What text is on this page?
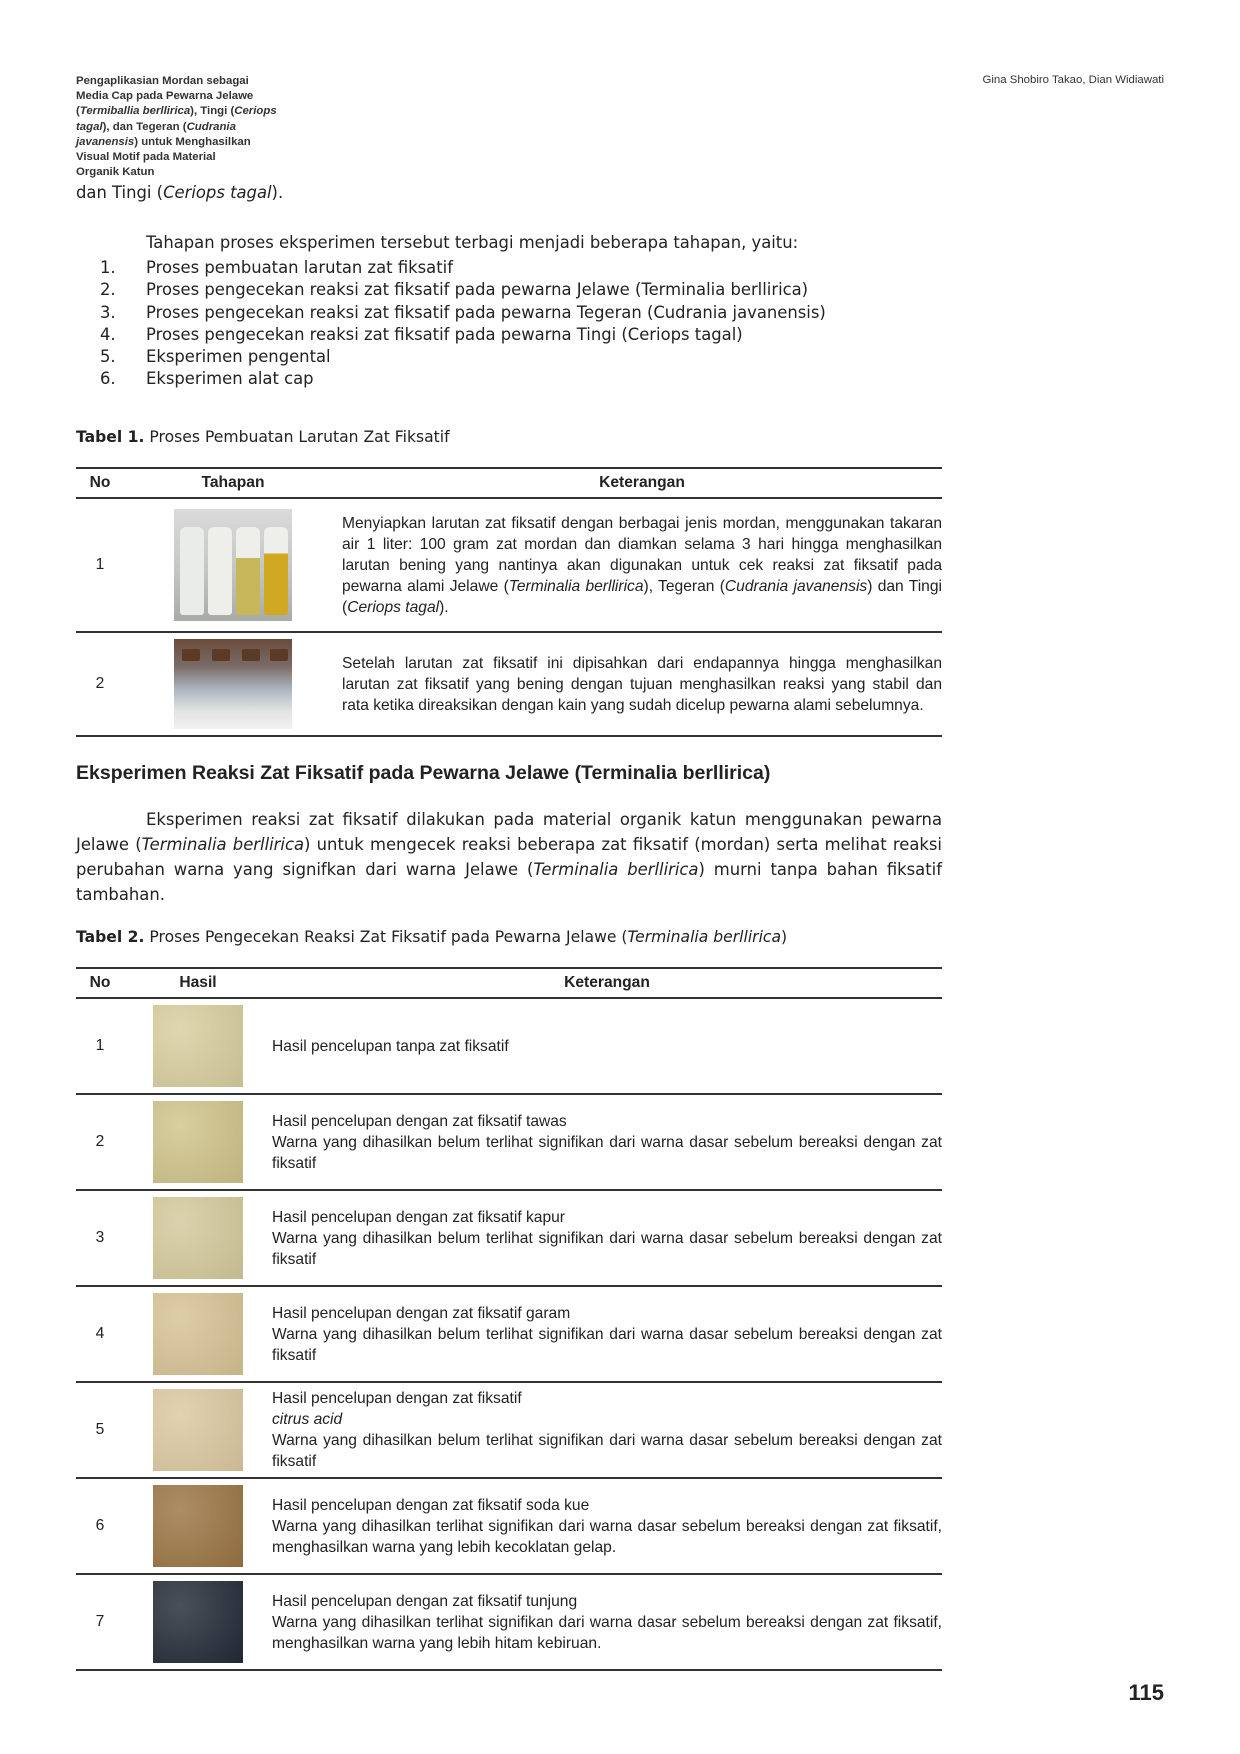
Pengaplikasian Mordan sebagai
Media Cap pada Pewarna Jelawe
(Termiballia berllirica), Tingi (Ceriops
tagal), dan Tegeran (Cudrania
javanensis) untuk Menghasilkan
Visual Motif pada Material
Organik Katun
Gina Shobiro Takao, Dian Widiawati
dan Tingi (Ceriops tagal).
Tahapan proses eksperimen tersebut terbagi menjadi beberapa tahapan, yaitu:
1.	Proses pembuatan larutan zat fiksatif
2.	Proses pengecekan reaksi zat fiksatif pada pewarna Jelawe (Terminalia berllirica)
3.	Proses pengecekan reaksi zat fiksatif pada pewarna Tegeran (Cudrania javanensis)
4.	Proses pengecekan reaksi zat fiksatif pada pewarna Tingi (Ceriops tagal)
5.	Eksperimen pengental
6.	Eksperimen alat cap
Tabel 1. Proses Pembuatan Larutan Zat Fiksatif
No	Tahapan	Keterangan
1		Menyiapkan larutan zat fiksatif dengan berbagai jenis mordan, menggunakan takaran air 1 liter: 100 gram zat mordan dan diamkan selama 3 hari hingga menghasilkan larutan bening yang nantinya akan digunakan untuk cek reaksi zat fiksatif pada pewarna alami Jelawe (Terminalia berllirica), Tegeran (Cudrania javanensis) dan Tingi (Ceriops tagal).
2		Setelah larutan zat fiksatif ini dipisahkan dari endapannya hingga menghasilkan larutan zat fiksatif yang bening dengan tujuan menghasilkan reaksi yang stabil dan rata ketika direaksikan dengan kain yang sudah dicelup pewarna alami sebelumnya.
Eksperimen Reaksi Zat Fiksatif pada Pewarna Jelawe (Terminalia berllirica)

Eksperimen reaksi zat fiksatif dilakukan pada material organik katun menggunakan pewarna Jelawe (Terminalia berllirica) untuk mengecek reaksi beberapa zat fiksatif (mordan) serta melihat reaksi perubahan warna yang signifkan dari warna Jelawe (Terminalia berllirica) murni tanpa bahan fiksatif tambahan.

Tabel 2. Proses Pengecekan Reaksi Zat Fiksatif pada Pewarna Jelawe (Terminalia berllirica)
No	Hasil	Keterangan
1		Hasil pencelupan tanpa zat fiksatif

2		Hasil pencelupan dengan zat fiksatif tawas
Warna yang dihasilkan belum terlihat signifikan dari warna dasar sebelum bereaksi dengan zat fiksatif

3		Hasil pencelupan dengan zat fiksatif kapur
Warna yang dihasilkan belum terlihat signifikan dari warna dasar sebelum bereaksi dengan zat fiksatif

4		Hasil pencelupan dengan zat fiksatif garam
Warna yang dihasilkan belum terlihat signifikan dari warna dasar sebelum bereaksi dengan zat fiksatif

5		Hasil pencelupan dengan zat fiksatif
citrus acid
Warna yang dihasilkan belum terlihat signifikan dari warna dasar sebelum bereaksi dengan zat fiksatif

6		Hasil pencelupan dengan zat fiksatif soda kue
Warna yang dihasilkan terlihat signifikan dari warna dasar sebelum bereaksi dengan zat fiksatif, menghasilkan warna yang lebih kecoklatan gelap.

7		Hasil pencelupan dengan zat fiksatif tunjung
Warna yang dihasilkan terlihat signifikan dari warna dasar sebelum bereaksi dengan zat fiksatif, menghasilkan warna yang lebih hitam kebiruan.
115
